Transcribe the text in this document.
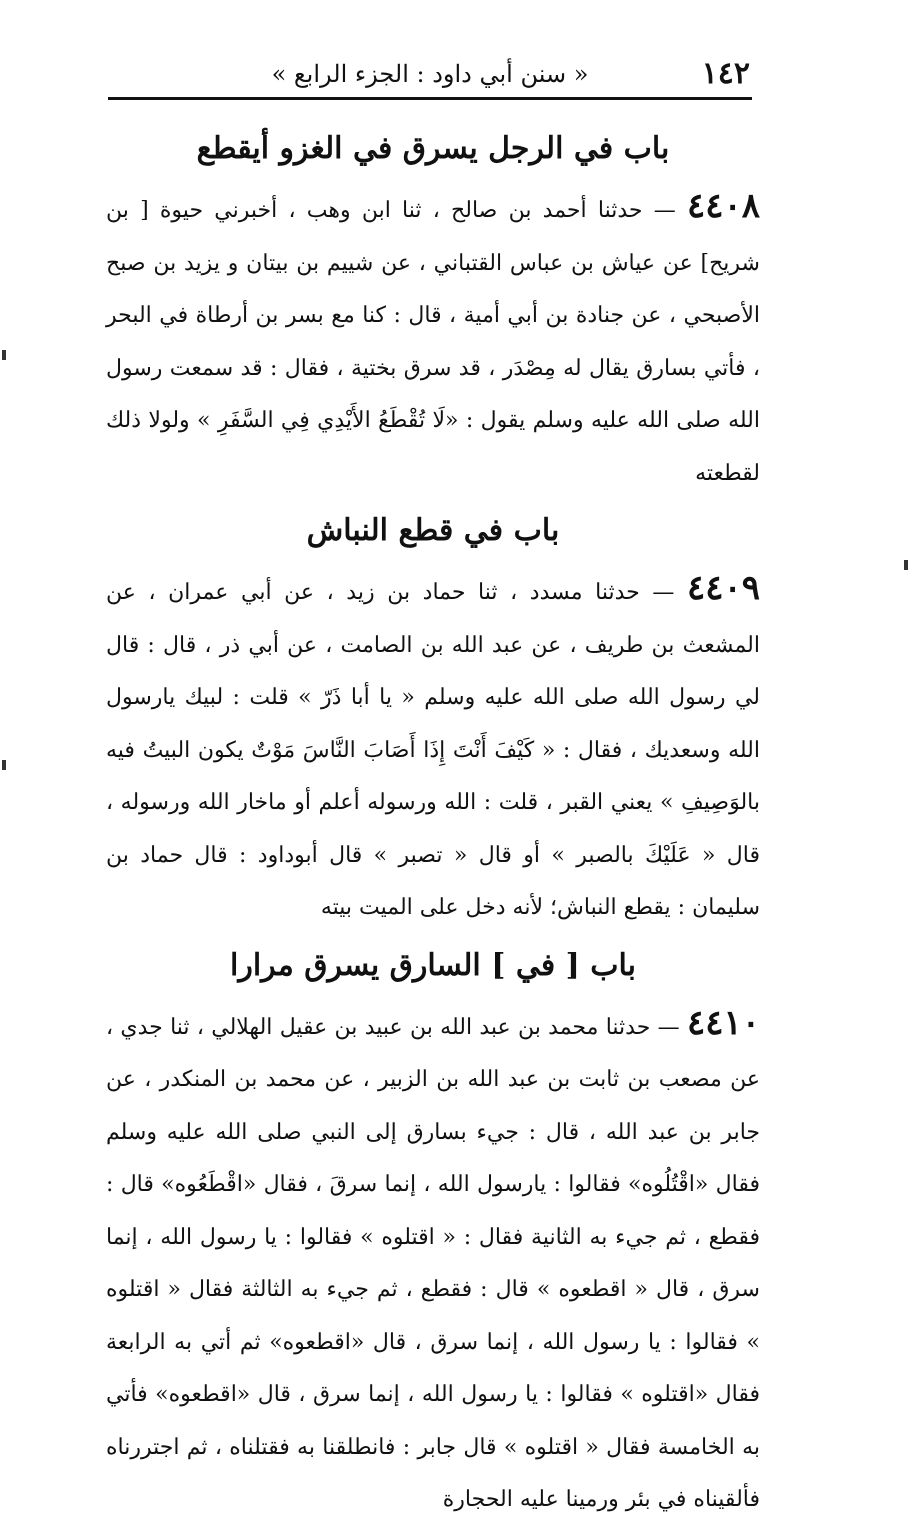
١٤٢
« سنن أبي داود : الجزء الرابع »
باب في الرجل يسرق في الغزو أيقطع

٤٤٠٨ — حدثنا أحمد بن صالح ، ثنا ابن وهب ، أخبرني حيوة [ بن شريح] عن عياش بن عباس القتباني ، عن شييم بن بيتان و يزيد بن صبح الأصبحي ، عن جنادة بن أبي أمية ، قال : كنا مع بسر بن أرطاة في البحر ، فأتي بسارق يقال له مِصْدَر ، قد سرق بختية ، فقال : قد سمعت رسول الله صلى الله عليه وسلم يقول : «لَا تُقْطَعُ الأَيْدِي فِي السَّفَرِ » ولولا ذلك لقطعته

باب في قطع النباش

٤٤٠٩ — حدثنا مسدد ، ثنا حماد بن زيد ، عن أبي عمران ، عن المشعث بن طريف ، عن عبد الله بن الصامت ، عن أبي ذر ، قال : قال لي رسول الله صلى الله عليه وسلم « يا أبا ذَرّ » قلت : لبيك يارسول الله وسعديك ، فقال : « كَيْفَ أَنْتَ إِذَا أَصَابَ النَّاسَ مَوْتٌ يكون البيتُ فيه بالوَصِيفِ » يعني القبر ، قلت : الله ورسوله أعلم أو ماخار الله ورسوله ، قال « عَلَيْكَ بالصبر » أو قال « تصبر » قال أبوداود : قال حماد بن سليمان : يقطع النباش؛ لأنه دخل على الميت بيته

باب [ في ] السارق يسرق مرارا

٤٤١٠ — حدثنا محمد بن عبد الله بن عبيد بن عقيل الهلالي ، ثنا جدي ، عن مصعب بن ثابت بن عبد الله بن الزبير ، عن محمد بن المنكدر ، عن جابر بن عبد الله ، قال : جيء بسارق إلى النبي صلى الله عليه وسلم فقال «اقْتُلُوه» فقالوا : يارسول الله ، إنما سرقَ ، فقال «اقْطَعُوه» قال : فقطع ، ثم جيء به الثانية فقال : « اقتلوه » فقالوا : يا رسول الله ، إنما سرق ، قال « اقطعوه » قال : فقطع ، ثم جيء به الثالثة فقال « اقتلوه » فقالوا : يا رسول الله ، إنما سرق ، قال «اقطعوه» ثم أتي به الرابعة فقال «اقتلوه » فقالوا : يا رسول الله ، إنما سرق ، قال «اقطعوه» فأتي به الخامسة فقال « اقتلوه » قال جابر : فانطلقنا به فقتلناه ، ثم اجتررناه فألقيناه في بئر ورمينا عليه الحجارة
